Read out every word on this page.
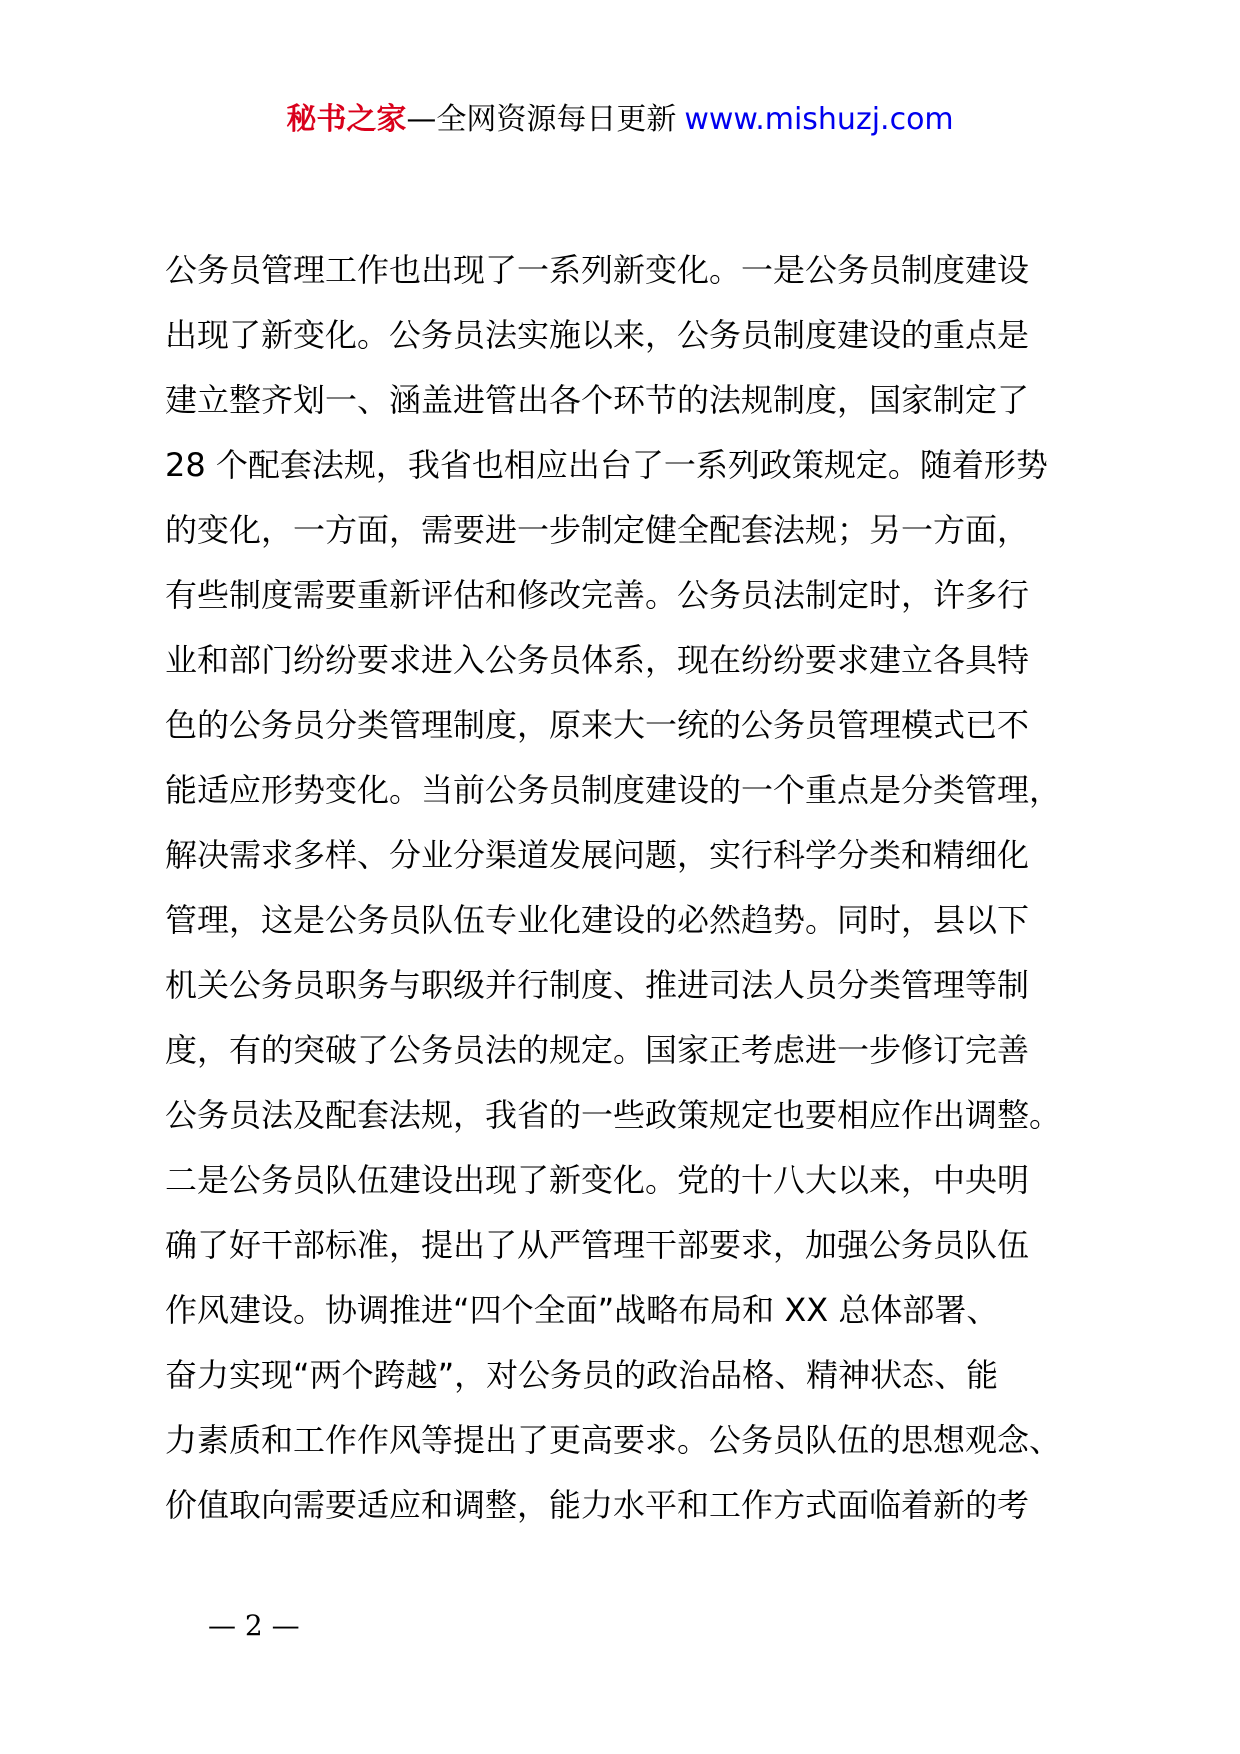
秘书之家—全网资源每日更新 www.mishuzj.com
公务员管理工作也出现了一系列新变化。一是公务员制度建设
出现了新变化。公务员法实施以来，公务员制度建设的重点是
建立整齐划一、涵盖进管出各个环节的法规制度，国家制定了
28 个配套法规，我省也相应出台了一系列政策规定。随着形势
的变化，一方面，需要进一步制定健全配套法规；另一方面，
有些制度需要重新评估和修改完善。公务员法制定时，许多行
业和部门纷纷要求进入公务员体系，现在纷纷要求建立各具特
色的公务员分类管理制度，原来大一统的公务员管理模式已不
能适应形势变化。当前公务员制度建设的一个重点是分类管理，
解决需求多样、分业分渠道发展问题，实行科学分类和精细化
管理，这是公务员队伍专业化建设的必然趋势。同时，县以下
机关公务员职务与职级并行制度、推进司法人员分类管理等制
度，有的突破了公务员法的规定。国家正考虑进一步修订完善
公务员法及配套法规，我省的一些政策规定也要相应作出调整。
二是公务员队伍建设出现了新变化。党的十八大以来，中央明
确了好干部标准，提出了从严管理干部要求，加强公务员队伍
作风建设。协调推进“四个全面”战略布局和 XX 总体部署、
奋力实现“两个跨越”，对公务员的政治品格、精神状态、能
力素质和工作作风等提出了更高要求。公务员队伍的思想观念、
价值取向需要适应和调整，能力水平和工作方式面临着新的考
— 2 —
